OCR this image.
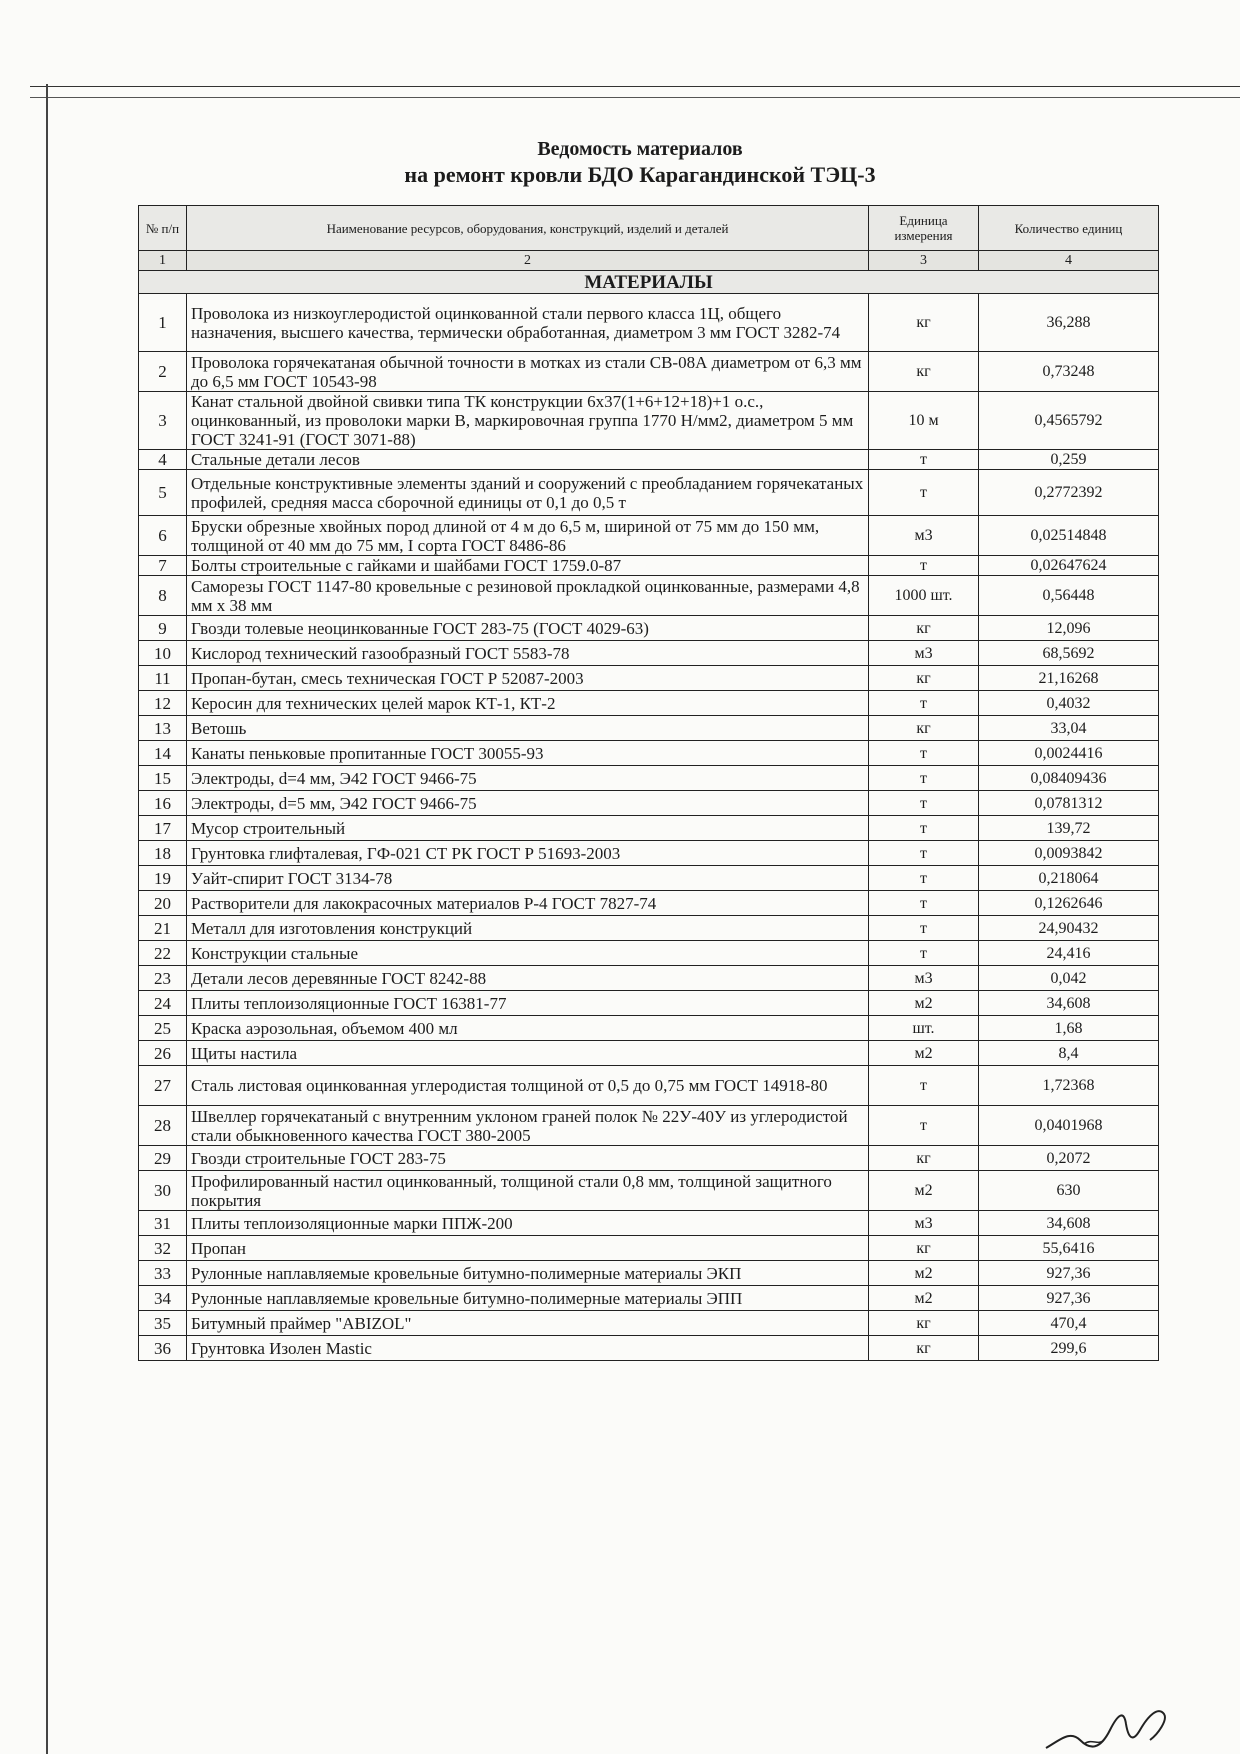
Ведомость материалов
на ремонт кровли БДО Карагандинской ТЭЦ-3
№ п/п	Наименование ресурсов, оборудования, конструкций, изделий и деталей	Единица измерения	Количество единиц
1	2	3	4
МАТЕРИАЛЫ			
1	Проволока из низкоуглеродистой оцинкованной стали первого класса 1Ц, общего назначения, высшего качества, термически обработанная, диаметром 3 мм ГОСТ 3282-74	кг	36,288
2	Проволока горячекатаная обычной точности в мотках из стали СВ-08А диаметром от 6,3 мм до 6,5 мм ГОСТ 10543-98	кг	0,73248
3	Канат стальной двойной свивки типа ТК конструкции 6х37(1+6+12+18)+1 о.с., оцинкованный, из проволоки марки В, маркировочная группа 1770 Н/мм2, диаметром 5 мм ГОСТ 3241-91 (ГОСТ 3071-88)	10 м	0,4565792
4	Стальные детали лесов	т	0,259
5	Отдельные конструктивные элементы зданий и сооружений с преобладанием горячекатаных профилей, средняя масса сборочной единицы от 0,1 до 0,5 т	т	0,2772392
6	Бруски обрезные хвойных пород длиной от 4 м до 6,5 м, шириной от 75 мм до 150 мм, толщиной от 40 мм до 75 мм, I сорта ГОСТ 8486-86	м3	0,02514848
7	Болты строительные с гайками и шайбами ГОСТ 1759.0-87	т	0,02647624
8	Саморезы ГОСТ 1147-80 кровельные с резиновой прокладкой оцинкованные, размерами 4,8 мм х 38 мм	1000 шт.	0,56448
9	Гвозди толевые неоцинкованные ГОСТ 283-75 (ГОСТ 4029-63)	кг	12,096
10	Кислород технический газообразный ГОСТ 5583-78	м3	68,5692
11	Пропан-бутан, смесь техническая ГОСТ Р 52087-2003	кг	21,16268
12	Керосин для технических целей марок КТ-1, КТ-2	т	0,4032
13	Ветошь	кг	33,04
14	Канаты пеньковые пропитанные ГОСТ 30055-93	т	0,0024416
15	Электроды, d=4 мм, Э42 ГОСТ 9466-75	т	0,08409436
16	Электроды, d=5 мм, Э42 ГОСТ 9466-75	т	0,0781312
17	Мусор строительный	т	139,72
18	Грунтовка глифталевая, ГФ-021 СТ РК ГОСТ Р 51693-2003	т	0,0093842
19	Уайт-спирит ГОСТ 3134-78	т	0,218064
20	Растворители для лакокрасочных материалов Р-4 ГОСТ 7827-74	т	0,1262646
21	Металл для изготовления конструкций	т	24,90432
22	Конструкции стальные	т	24,416
23	Детали лесов деревянные ГОСТ 8242-88	м3	0,042
24	Плиты теплоизоляционные ГОСТ 16381-77	м2	34,608
25	Краска аэрозольная, объемом 400 мл	шт.	1,68
26	Щиты настила	м2	8,4
27	Сталь листовая оцинкованная углеродистая толщиной от 0,5 до 0,75 мм ГОСТ 14918-80	т	1,72368
28	Швеллер горячекатаный с внутренним уклоном граней полок № 22У-40У из углеродистой стали обыкновенного качества ГОСТ 380-2005	т	0,0401968
29	Гвозди строительные ГОСТ 283-75	кг	0,2072
30	Профилированный настил оцинкованный, толщиной стали 0,8 мм, толщиной защитного покрытия	м2	630
31	Плиты теплоизоляционные марки ППЖ-200	м3	34,608
32	Пропан	кг	55,6416
33	Рулонные наплавляемые кровельные битумно-полимерные материалы ЭКП	м2	927,36
34	Рулонные наплавляемые кровельные битумно-полимерные материалы ЭПП	м2	927,36
35	Битумный праймер "ABIZOL"	кг	470,4
36	Грунтовка Изолен Mastic	кг	299,6
